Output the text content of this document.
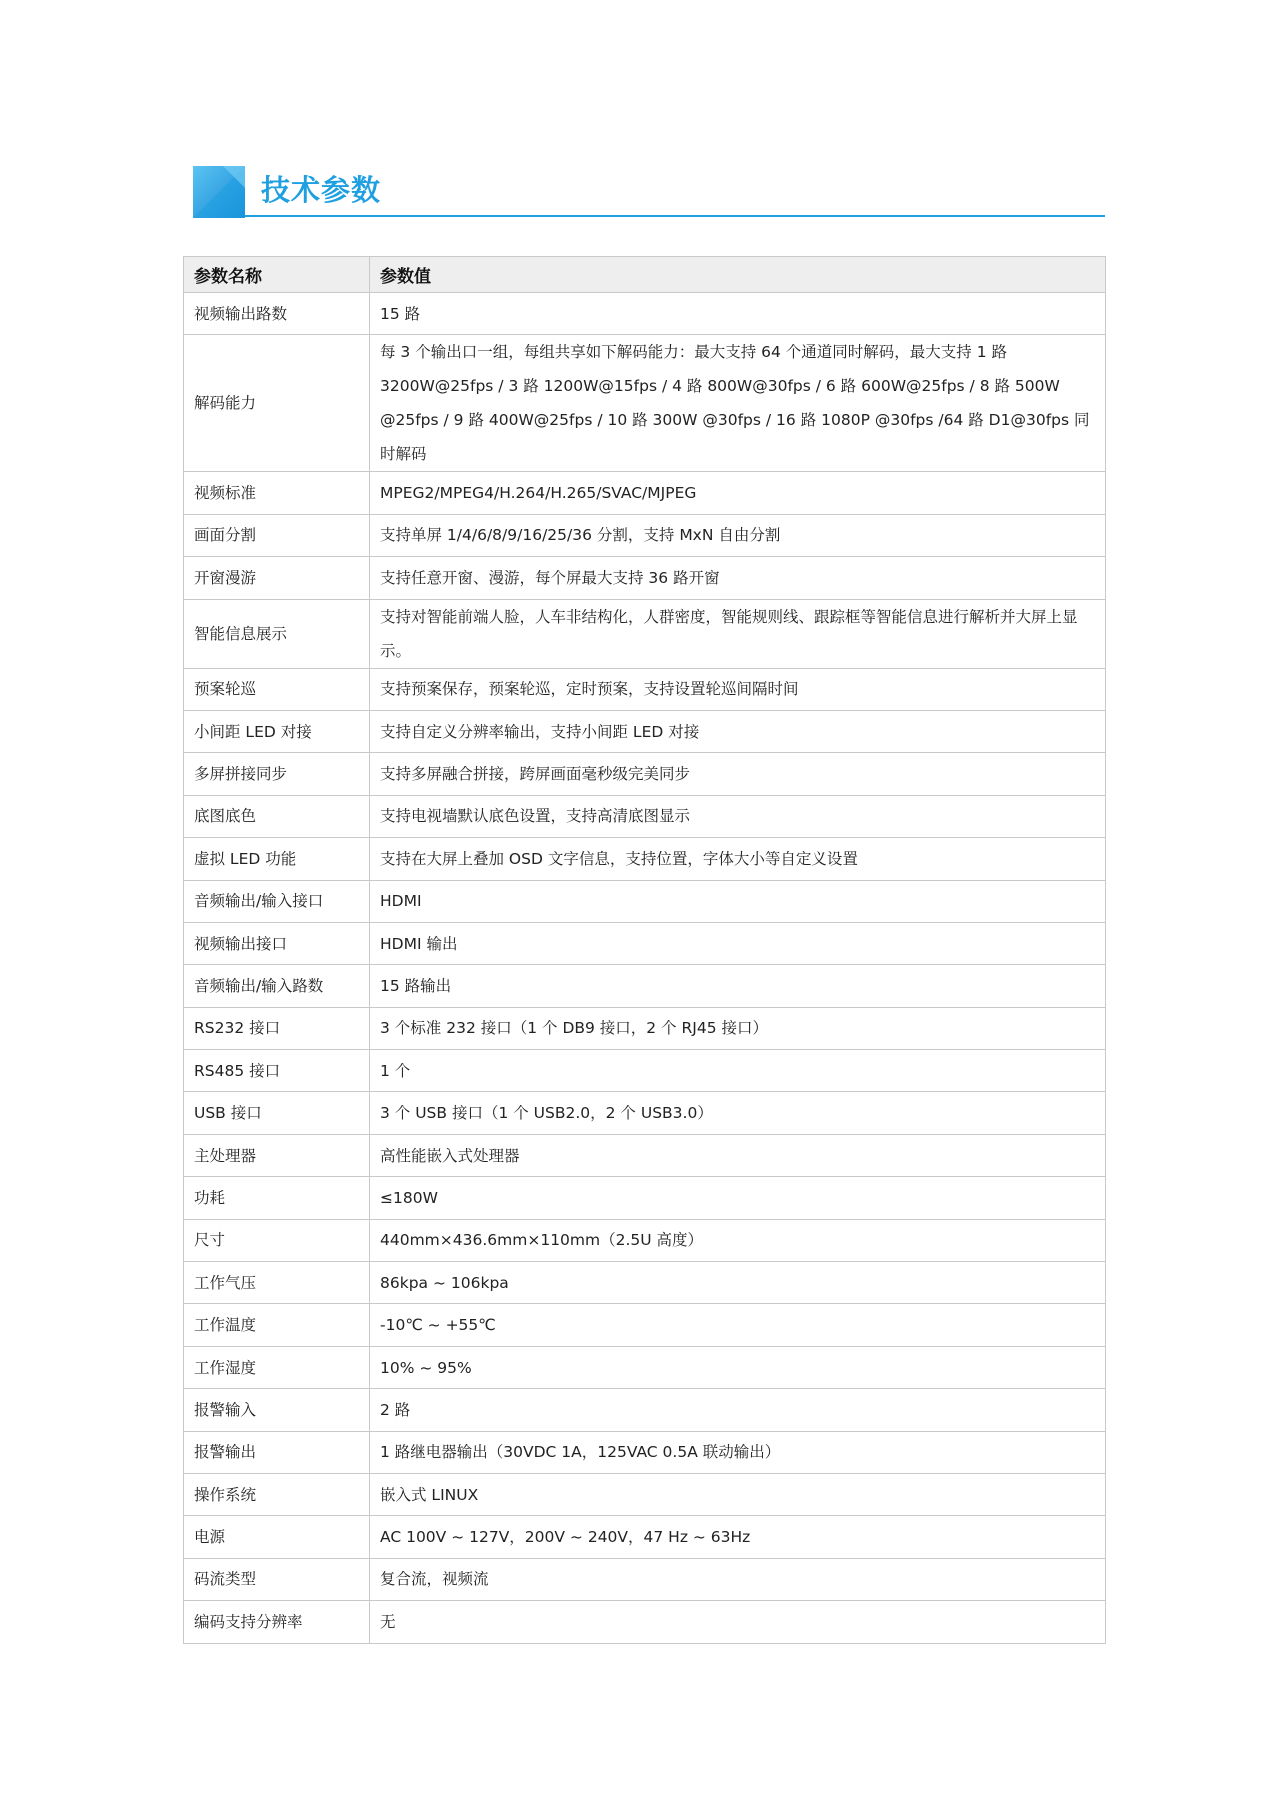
技术参数
参数名称	参数值
视频输出路数	15 路
解码能力	每 3 个输出口一组，每组共享如下解码能力：最大支持 64 个通道同时解码，最大支持 1 路 3200W@25fps / 3 路 1200W@15fps / 4 路 800W@30fps / 6 路 600W@25fps / 8 路 500W @25fps / 9 路 400W@25fps / 10 路 300W @30fps / 16 路 1080P @30fps /64 路 D1@30fps 同时解码
视频标准	MPEG2/MPEG4/H.264/H.265/SVAC/MJPEG
画面分割	支持单屏 1/4/6/8/9/16/25/36 分割，支持 MxN 自由分割
开窗漫游	支持任意开窗、漫游，每个屏最大支持 36 路开窗
智能信息展示	支持对智能前端人脸，人车非结构化，人群密度，智能规则线、跟踪框等智能信息进行解析并大屏上显示。
预案轮巡	支持预案保存，预案轮巡，定时预案，支持设置轮巡间隔时间
小间距 LED 对接	支持自定义分辨率输出，支持小间距 LED 对接
多屏拼接同步	支持多屏融合拼接，跨屏画面毫秒级完美同步
底图底色	支持电视墙默认底色设置，支持高清底图显示
虚拟 LED 功能	支持在大屏上叠加 OSD 文字信息，支持位置，字体大小等自定义设置
音频输出/输入接口	HDMI
视频输出接口	HDMI 输出
音频输出/输入路数	15 路输出
RS232 接口	3 个标准 232 接口（1 个 DB9 接口，2 个 RJ45 接口）
RS485 接口	1 个
USB 接口	3 个 USB 接口（1 个 USB2.0，2 个 USB3.0）
主处理器	高性能嵌入式处理器
功耗	≤180W
尺寸	440mm×436.6mm×110mm（2.5U 高度）
工作气压	86kpa ~ 106kpa
工作温度	-10℃ ~ +55℃
工作湿度	10% ~ 95%
报警输入	2 路
报警输出	1 路继电器输出（30VDC 1A，125VAC 0.5A 联动输出）
操作系统	嵌入式 LINUX
电源	AC 100V ~ 127V，200V ~ 240V，47 Hz ~ 63Hz
码流类型	复合流，视频流
编码支持分辨率	无
